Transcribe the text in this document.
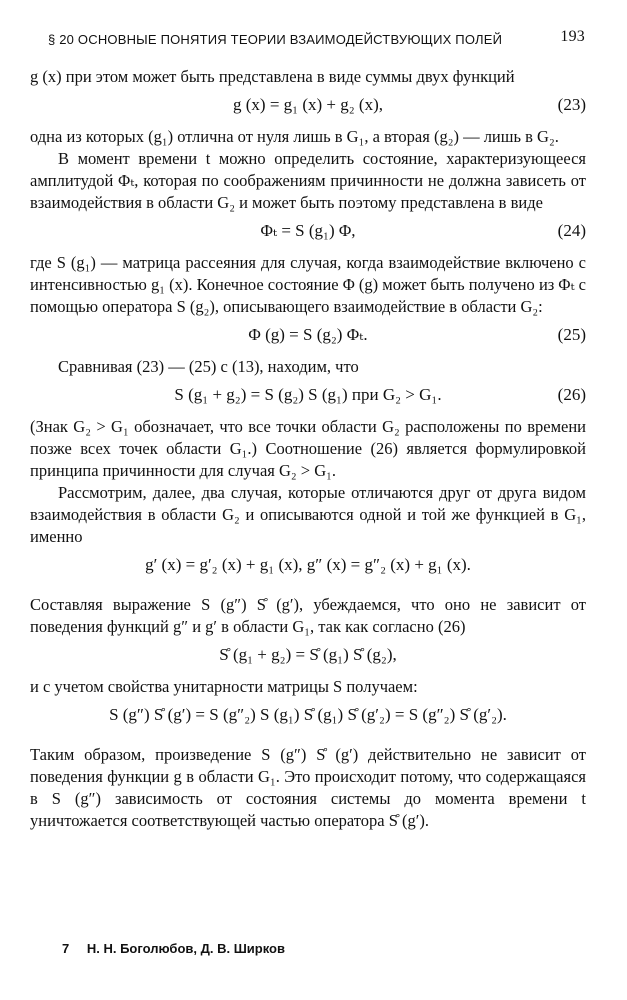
§ 20 ОСНОВНЫЕ ПОНЯТИЯ ТЕОРИИ ВЗАИМОДЕЙСТВУЮЩИХ ПОЛЕЙ	193

g (x) при этом может быть представлена в виде суммы двух функций

g (x) = g₁ (x) + g₂ (x),	(23)

одна из которых (g₁) отлична от нуля лишь в G₁, а вторая (g₂) — лишь в G₂.

В момент времени t можно определить состояние, характеризующееся амплитудой Φₜ, которая по соображениям причинности не должна зависеть от взаимодействия в области G₂ и может быть поэтому представлена в виде

Φₜ = S (g₁) Φ,	(24)

где S (g₁) — матрица рассеяния для случая, когда взаимодействие включено с интенсивностью g₁ (x). Конечное состояние Φ (g) может быть получено из Φₜ с помощью оператора S (g₂), описывающего взаимодействие в области G₂:

Φ (g) = S (g₂) Φₜ.	(25)

Сравнивая (23) — (25) с (13), находим, что

S (g₁ + g₂) = S (g₂) S (g₁) при G₂ > G₁.	(26)

(Знак G₂ > G₁ обозначает, что все точки области G₂ расположены по времени позже всех точек области G₁.) Соотношение (26) является формулировкой принципа причинности для случая G₂ > G₁.

Рассмотрим, далее, два случая, которые отличаются друг от друга видом взаимодействия в области G₂ и описываются одной и той же функцией в G₁, именно

g′ (x) = g′₂ (x) + g₁ (x), g″ (x) = g″₂ (x) + g₁ (x).

Составляя выражение S (g″) S̊ (g′), убеждаемся, что оно не зависит от поведения функций g″ и g′ в области G₁, так как согласно (26)

S̊ (g₁ + g₂) = S̊ (g₁) S̊ (g₂),

и с учетом свойства унитарности матрицы S получаем:

S (g″) S̊ (g′) = S (g″₂) S (g₁) S̊ (g₁) S̊ (g′₂) = S (g″₂) S̊ (g′₂).

Таким образом, произведение S (g″) S̊ (g′) действительно не зависит от поведения функции g в области G₁. Это происходит потому, что содержащаяся в S (g″) зависимость от состояния системы до момента времени t уничтожается соответствующей частью оператора S̊ (g′).

7 Н. Н. Боголюбов, Д. В. Ширков
